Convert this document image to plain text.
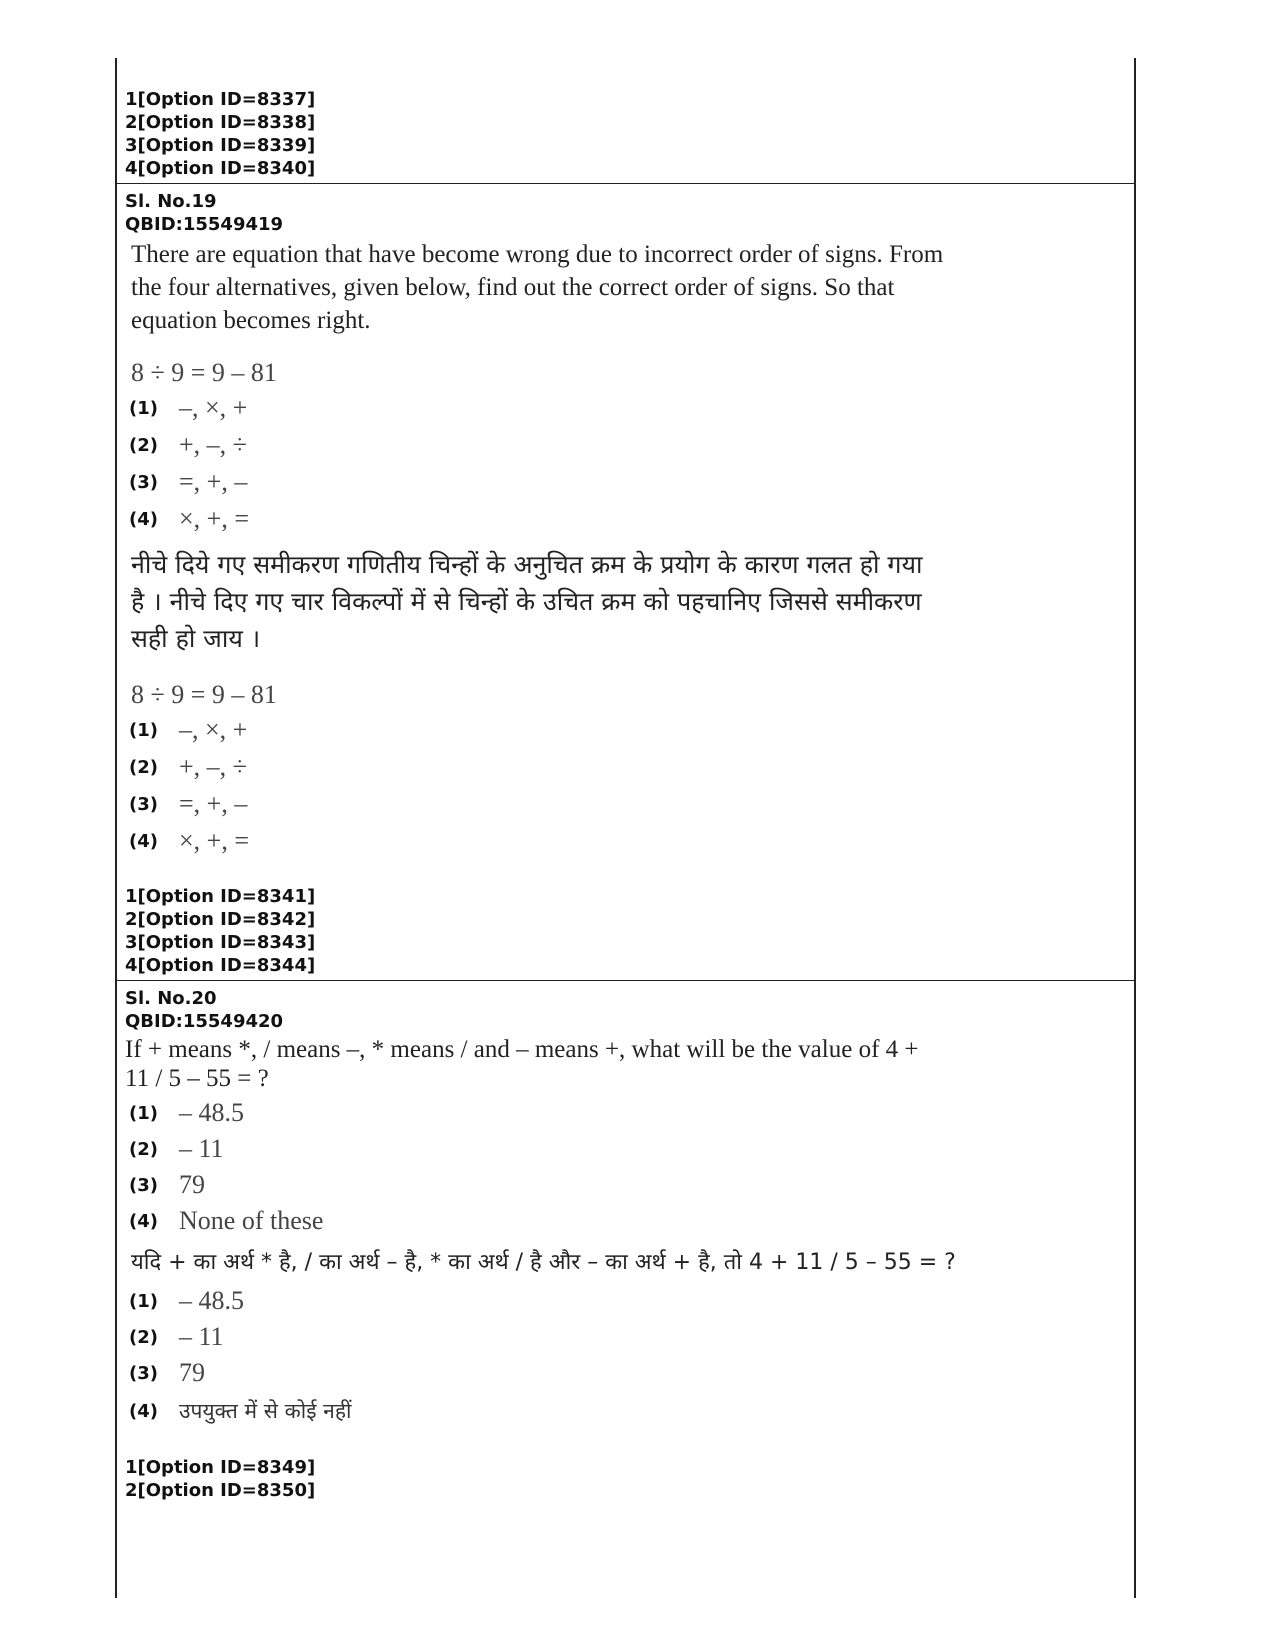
1[Option ID=8337]
2[Option ID=8338]
3[Option ID=8339]
4[Option ID=8340]
Sl. No.19
QBID:15549419
There are equation that have become wrong due to incorrect order of signs. From
the four alternatives, given below, find out the correct order of signs. So that
equation becomes right.
8 ÷ 9 = 9 – 81
(1) –, ×, +
(2) +, –, ÷
(3) =, +, –
(4) ×, +, =
नीचे दिये गए समीकरण गणितीय चिन्हों के अनुचित क्रम के प्रयोग के कारण गलत हो गया
है । नीचे दिए गए चार विकल्पों में से चिन्हों के उचित क्रम को पहचानिए जिससे समीकरण
सही हो जाय ।
8 ÷ 9 = 9 – 81
(1) –, ×, +
(2) +, –, ÷
(3) =, +, –
(4) ×, +, =
1[Option ID=8341]
2[Option ID=8342]
3[Option ID=8343]
4[Option ID=8344]
Sl. No.20
QBID:15549420
If + means *, / means –, * means / and – means +, what will be the value of 4 +
11 / 5 – 55 = ?
(1) – 48.5
(2) – 11
(3) 79
(4) None of these
यदि + का अर्थ * है, / का अर्थ – है, * का अर्थ / है और – का अर्थ + है, तो 4 + 11 / 5 – 55 = ?
(1) – 48.5
(2) – 11
(3) 79
(4)	उपयुक्त में से कोई नहीं
1[Option ID=8349]
2[Option ID=8350]
